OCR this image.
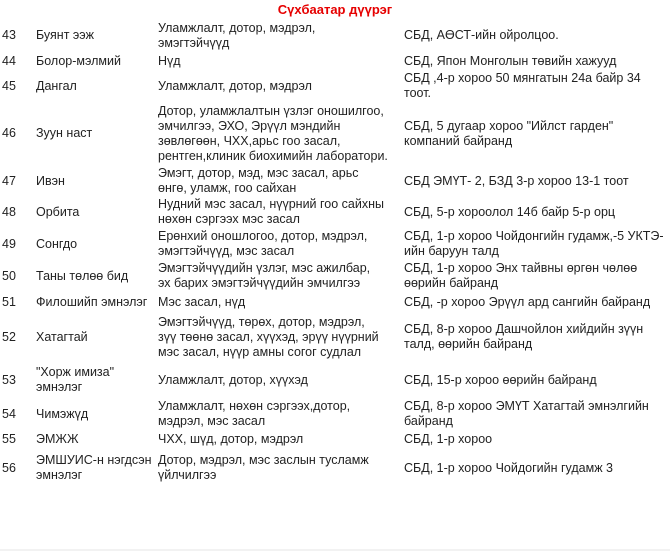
Сүхбаатар дүүрэг
43	Буянт ээж	Уламжлалт, дотор, мэдрэл,
эмэгтэйчүүд	СБД, АӨСТ-ийн ойролцоо.
44	Болор-мэлмий	Нүд	СБД, Япон Монголын төвийн хажууд
45	Дангал	Уламжлалт, дотор, мэдрэл	СБД ,4-р хороо 50 мянгатын 24а байр 34
тоот.
46	Зуун наст	Дотор, уламжлалтын үзлэг оношилгоо,
эмчилгээ, ЭХО, Эрүүл мэндийн
зөвлөгөөн, ЧХХ,арьс гоо засал,
рентген,клиник биохимийн лаборатори.	СБД, 5 дугаар хороо "Ийлст гарден"
компаний байранд
47	Ивэн	Эмэгт, дотор, мэд, мэс засал, арьс
өнгө, уламж, гоо сайхан	СБД ЭМҮТ- 2, БЗД 3-р хороо 13-1 тоот
48	Орбита	Нудний мэс засал, нүүрний гоо сайхны
нөхөн сэргээх мэс засал	СБД, 5-р хороолол 14б байр 5-р орц
49	Сонгдо	Ерөнхий оношлогоо, дотор, мэдрэл,
эмэгтэйчүүд, мэс засал	СБД, 1-р хороо Чойдонгийн гудамж,-5 УКТЭ-
ийн баруун талд
50	Таны төлөө бид	Эмэгтэйчүүдийн үзлэг, мэс ажилбар,
эх барих эмэгтэйчүүдийн эмчилгээ	СБД, 1-р хороо Энх тайвны өргөн чөлөө
өөрийн байранд
51	Филошийп эмнэлэг	Мэс засал, нүд	СБД, -р хороо Эрүүл ард сангийн байранд
52	Хатагтай	Эмэгтэйчүүд, төрөх, дотор, мэдрэл,
зүү төөнө засал, хүүхэд, эрүү нүүрний
мэс засал, нүүр амны согог судлал	СБД, 8-р хороо Дашчойлон хийдийн зүүн
талд, өөрийн байранд
53	"Хорж имиза"
эмнэлэг	Уламжлалт, дотор, хүүхэд	СБД, 15-р хороо өөрийн байранд
54	Чимэжүд	Уламжлалт, нөхөн сэргээх,дотор,
мэдрэл, мэс засал	СБД, 8-р хороо ЭМҮТ Хатагтай эмнэлгийн
байранд
55	ЭМЖЖ	ЧХХ, шүд, дотор, мэдрэл	СБД, 1-р хороо
56	ЭМШУИС-н нэгдсэн
эмнэлэг	Дотор, мэдрэл, мэс заслын тусламж
үйлчилгээ	СБД, 1-р хороо Чойдогийн гудамж 3
